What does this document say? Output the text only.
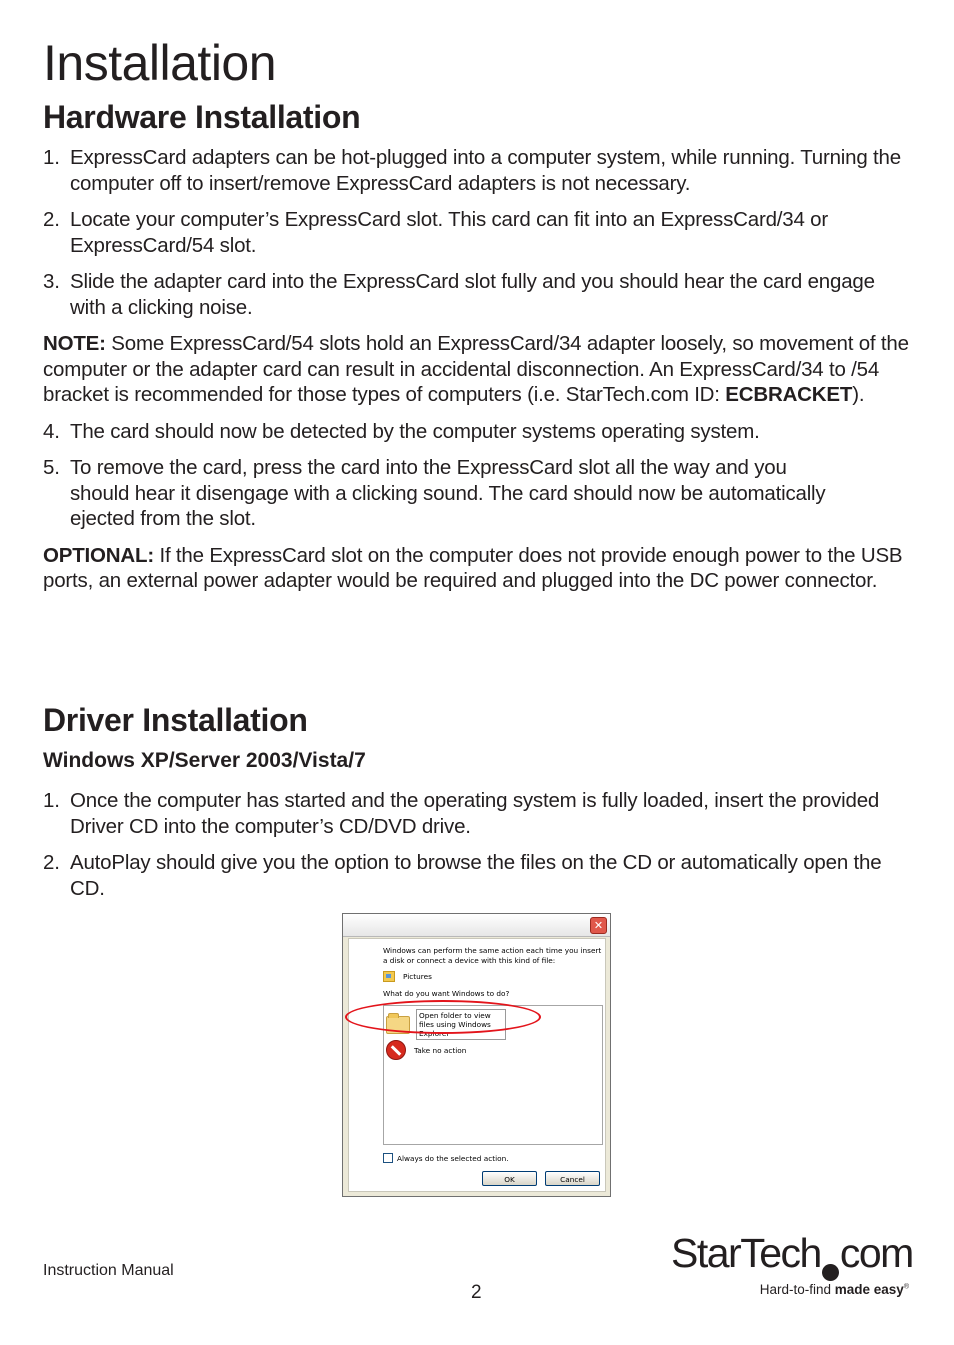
Installation
Hardware Installation
1. ExpressCard adapters can be hot-plugged into a computer system, while running. Turning the computer off to insert/remove ExpressCard adapters is not necessary.
2. Locate your computer’s ExpressCard slot. This card can fit into an ExpressCard/34 or ExpressCard/54 slot.
3. Slide the adapter card into the ExpressCard slot fully and you should hear the card engage with a clicking noise.
NOTE: Some ExpressCard/54 slots hold an ExpressCard/34 adapter loosely, so movement of the computer or the adapter card can result in accidental disconnection. An ExpressCard/34 to /54 bracket is recommended for those types of computers (i.e. StarTech.com ID: ECBRACKET).
4. The card should now be detected by the computer systems operating system.
5. To remove the card, press the card into the ExpressCard slot all the way and you should hear it disengage with a clicking sound. The card should now be automatically ejected from the slot.
OPTIONAL: If the ExpressCard slot on the computer does not provide enough power to the USB ports, an external power adapter would be required and plugged into the DC power connector.
Driver Installation
Windows XP/Server 2003/Vista/7
1. Once the computer has started and the operating system is fully loaded, insert the provided Driver CD into the computer’s CD/DVD drive.
2. AutoPlay should give you the option to browse the files on the CD or automatically open the CD.
✕
Windows can perform the same action each time you insert a disk or connect a device with this kind of file:
Pictures
What do you want Windows to do?
Open folder to view files using Windows Explorer
Take no action
Always do the selected action.
OK	Cancel
Instruction Manual
2
StarTech com
Hard-to-find made easy®
